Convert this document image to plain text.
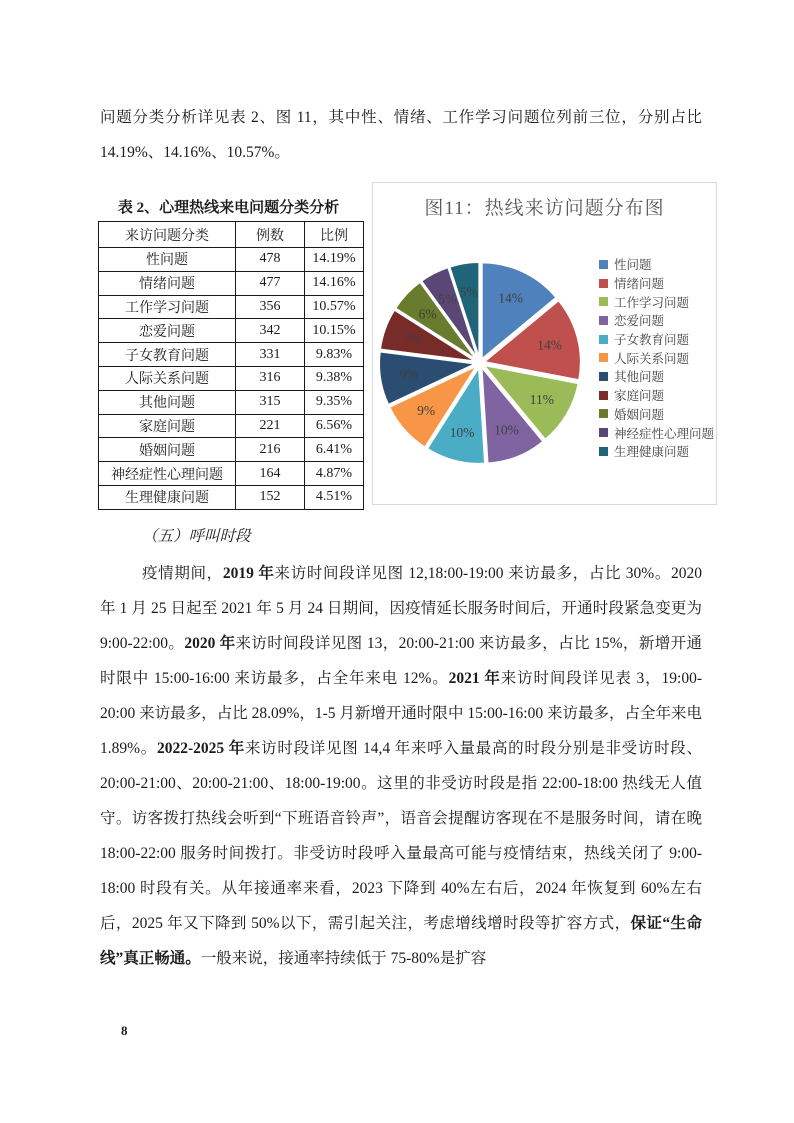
问题分类分析详见表 2、图 11，其中性、情绪、工作学习问题位列前三位，分别占比 14.19%、14.16%、10.57%。

表 2、心理热线来电问题分类分析
来访问题分类	例数	比例
性问题	478	14.19%
情绪问题	477	14.16%
工作学习问题	356	10.57%
恋爱问题	342	10.15%
子女教育问题	331	9.83%
人际关系问题	316	9.38%
其他问题	315	9.35%
家庭问题	221	6.56%
婚姻问题	216	6.41%
神经症性心理问题	164	4.87%
生理健康问题	152	4.51%
图11：热线来访问题分布图
14%
14%
11%
10%
10%
9%
9%
7%
6%
5% 5%
性问题
情绪问题
工作学习问题
恋爱问题
子女教育问题
人际关系问题
其他问题
家庭问题
婚姻问题
神经症性心理问题
生理健康问题

（五）呼叫时段

疫情期间，2019 年来访时间段详见图 12,18:00-19:00 来访最多，占比 30%。2020 年 1 月 25 日起至 2021 年 5 月 24 日期间，因疫情延长服务时间后，开通时段紧急变更为 9:00-22:00。2020 年来访时间段详见图 13，20:00-21:00 来访最多，占比 15%，新增开通时限中 15:00-16:00 来访最多，占全年来电 12%。2021 年来访时间段详见表 3，19:00-20:00 来访最多，占比 28.09%，1-5 月新增开通时限中 15:00-16:00 来访最多，占全年来电 1.89%。2022-2025 年来访时段详见图 14,4 年来呼入量最高的时段分别是非受访时段、20:00-21:00、20:00-21:00、18:00-19:00。这里的非受访时段是指 22:00-18:00 热线无人值守。访客拨打热线会听到“下班语音铃声”，语音会提醒访客现在不是服务时间，请在晚 18:00-22:00 服务时间拨打。非受访时段呼入量最高可能与疫情结束，热线关闭了 9:00-18:00 时段有关。从年接通率来看，2023 下降到 40%左右后，2024 年恢复到 60%左右后，2025 年又下降到 50%以下，需引起关注，考虑增线增时段等扩容方式，保证“生命线”真正畅通。一般来说，接通率持续低于 75-80%是扩容

8
